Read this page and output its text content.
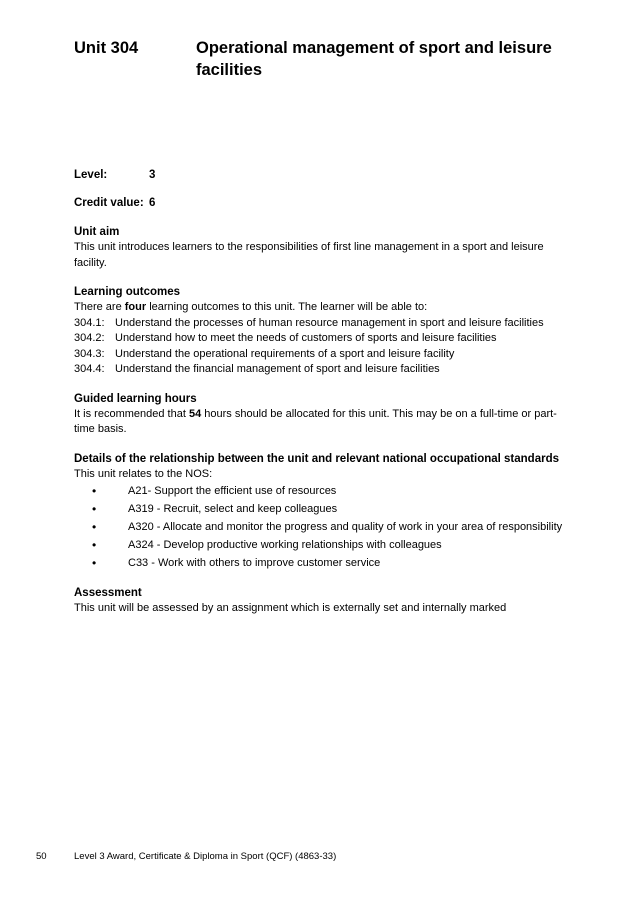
Unit 304	Operational management of sport and leisure facilities
Level:	3
Credit value: 6
Unit aim

This unit introduces learners to the responsibilities of first line management in a sport and leisure facility.

Learning outcomes

There are four learning outcomes to this unit. The learner will be able to:

304.1: Understand the processes of human resource management in sport and leisure facilities
304.2: Understand how to meet the needs of customers of sports and leisure facilities
304.3: Understand the operational requirements of a sport and leisure facility
304.4: Understand the financial management of sport and leisure facilities
Guided learning hours

It is recommended that 54 hours should be allocated for this unit. This may be on a full-time or part-time basis.

Details of the relationship between the unit and relevant national occupational standards

This unit relates to the NOS:

•	A21- Support the efficient use of resources
•	A319 - Recruit, select and keep colleagues
•	A320 - Allocate and monitor the progress and quality of work in your area of responsibility
•	A324 - Develop productive working relationships with colleagues
•	C33 - Work with others to improve customer service
Assessment

This unit will be assessed by an assignment which is externally set and internally marked

50	Level 3 Award, Certificate & Diploma in Sport (QCF) (4863-33)
